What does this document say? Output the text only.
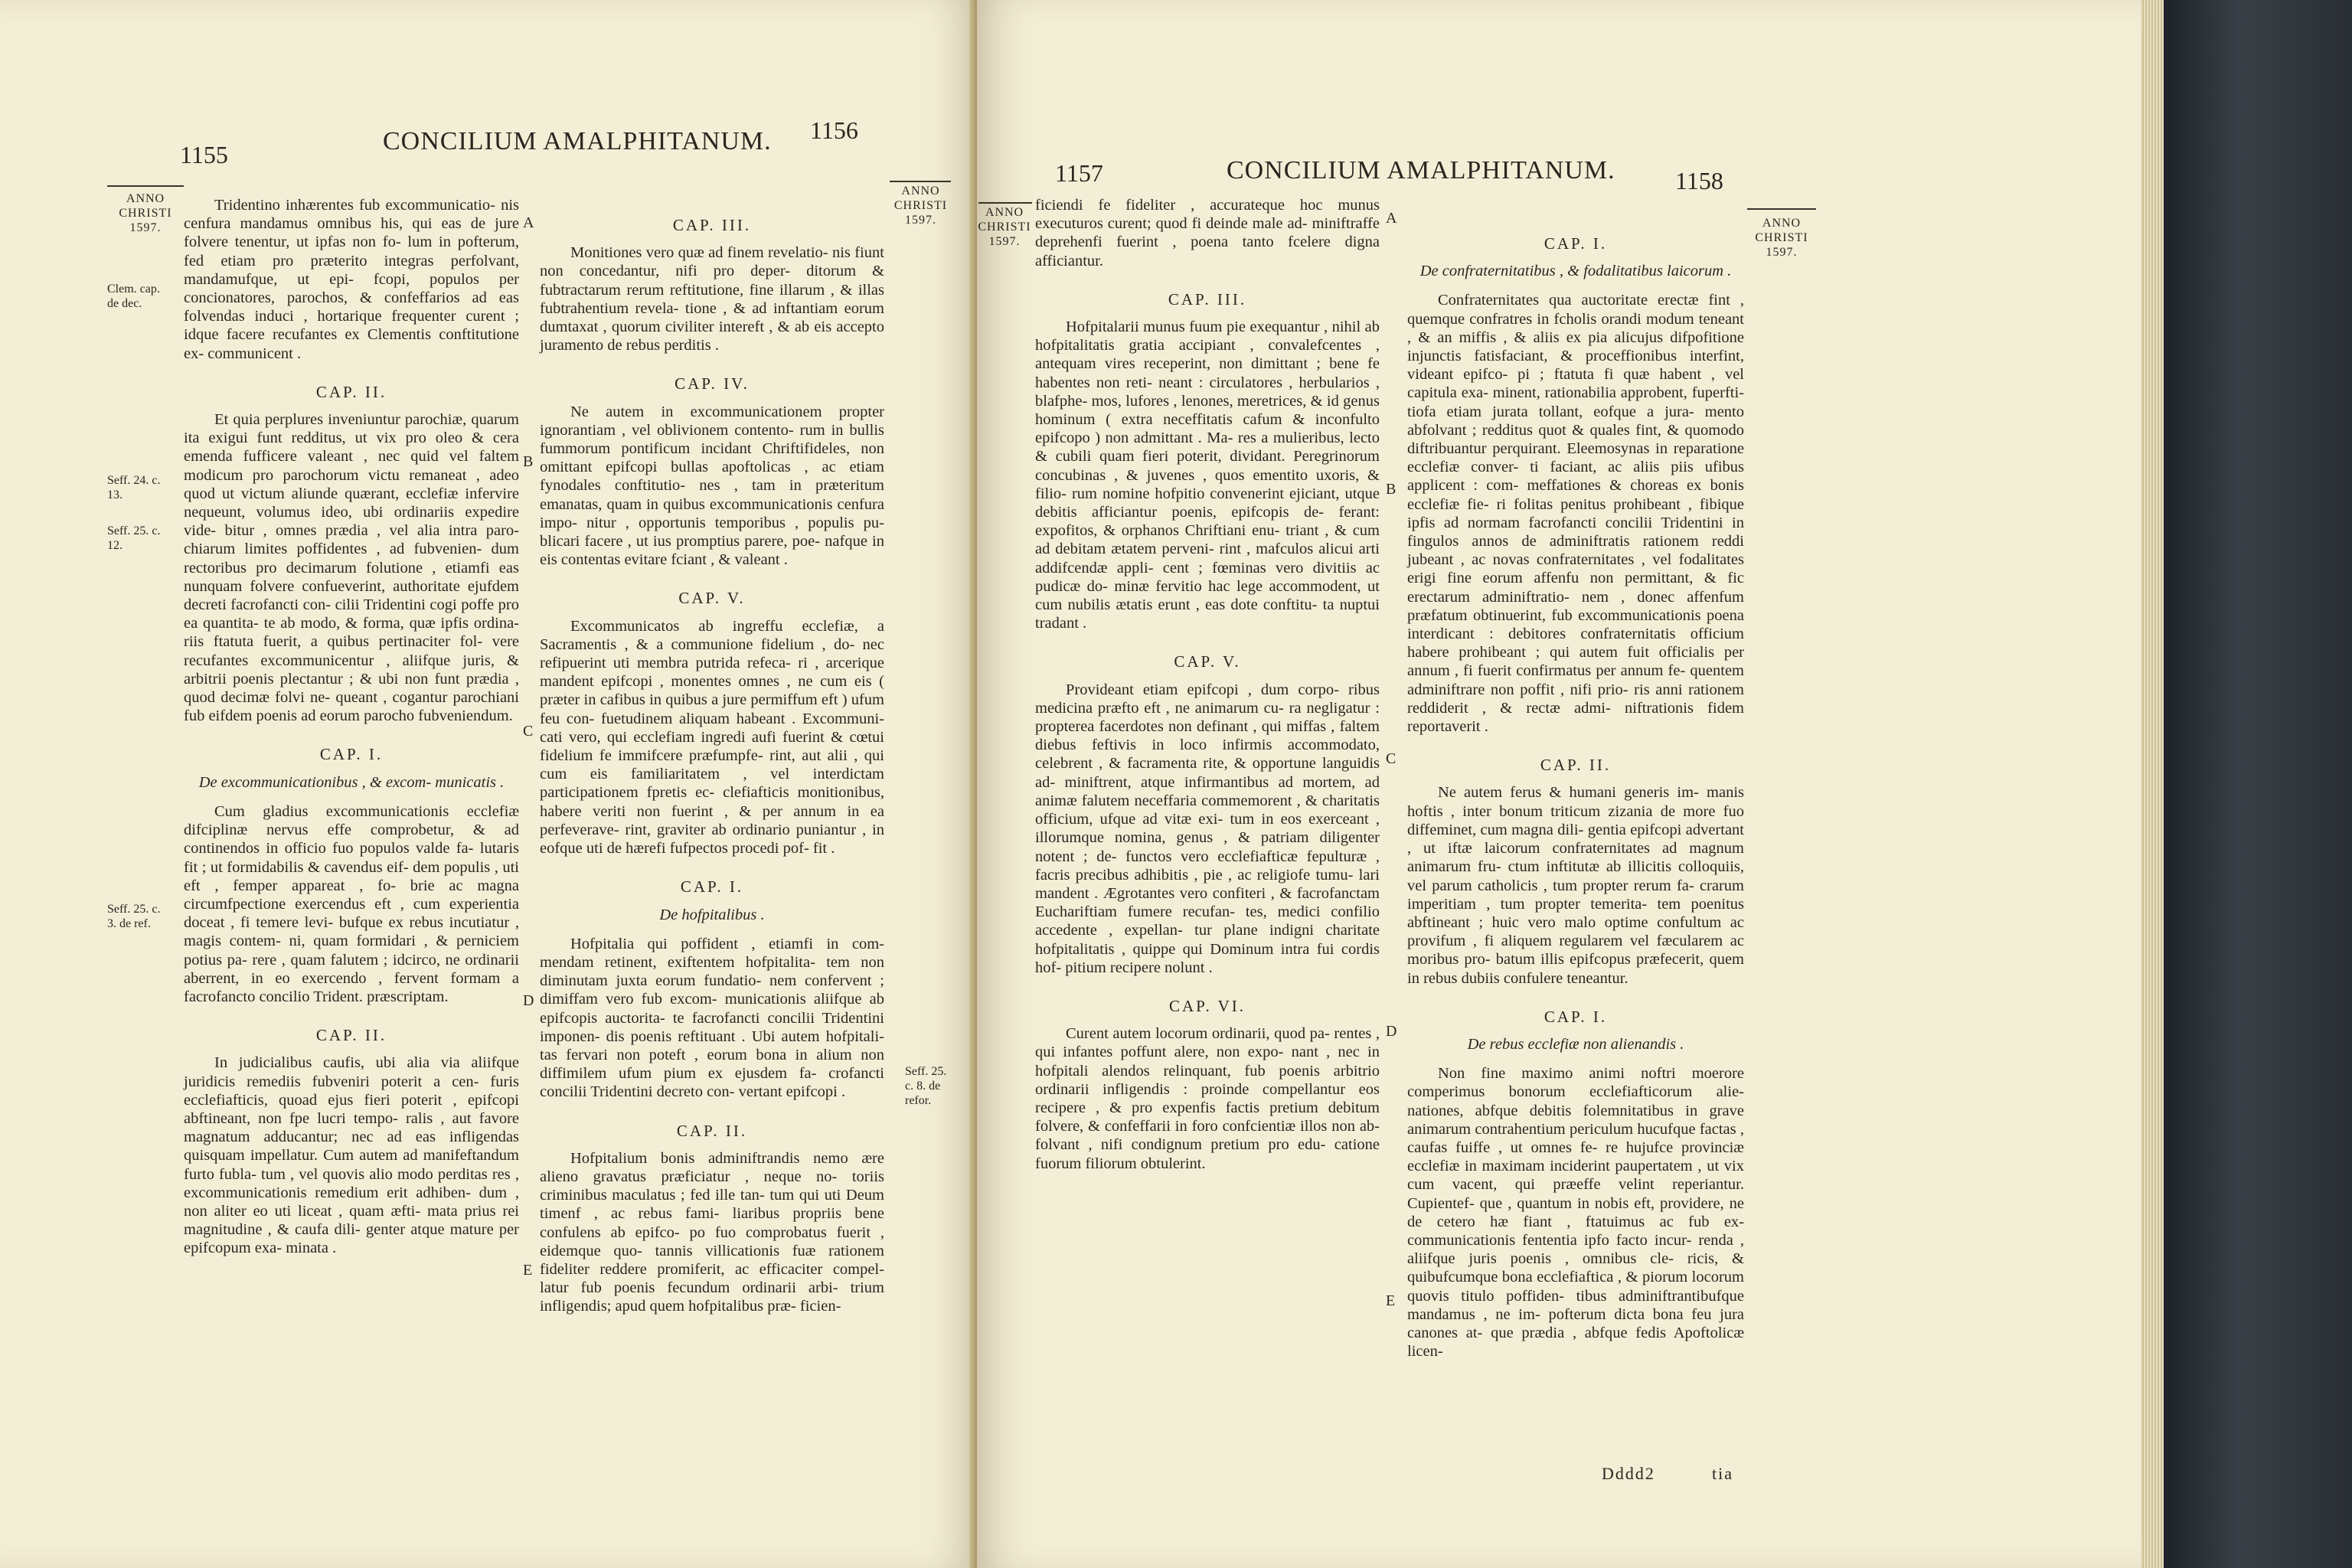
1155	CONCILIUM AMALPHITANUM. 1156
ANNO
CHRISTI
1597.
ANNO
CHRISTI
1597.
Clem. cap.
de dec.
Seff. 24. c.
13.
Seff. 25. c.
12.
Seff. 25. c.
3. de ref.
Seff. 25.
c. 8. de
refor.
A
B
C
D
E

Tridentino inhærentes fub excommunicatio- nis cenfura mandamus omnibus his, qui eas de jure folvere tenentur, ut ipfas non fo- lum in pofterum, fed etiam pro præterito integras perfolvant, mandamufque, ut epi- fcopi, populos per concionatores, parochos, & confeffarios ad eas folvendas induci , hortarique frequenter curent ; idque facere recufantes ex Clementis conftitutione ex- communicent .

CAP. II.

Et quia perplures inveniuntur parochiæ, quarum ita exigui funt redditus, ut vix pro oleo & cera emenda fufficere valeant , nec quid vel faltem modicum pro parochorum victu remaneat , adeo quod ut victum aliunde quærant, ecclefiæ infervire nequeunt, volumus ideo, ubi ordinariis expedire vide- bitur , omnes prædia , vel alia intra paro- chiarum limites poffidentes , ad fubvenien- dum rectoribus pro decimarum folutione , etiamfi eas nunquam folvere confueverint, authoritate ejufdem decreti facrofancti con- cilii Tridentini cogi poffe pro ea quantita- te ab modo, & forma, quæ ipfis ordina- riis ftatuta fuerit, a quibus pertinaciter fol- vere recufantes excommunicentur , aliifque juris, & arbitrii poenis plectantur ; & ubi non funt prædia , quod decimæ folvi ne- queant , cogantur parochiani fub eifdem poenis ad eorum parocho fubveniendum.

CAP. I.
De excommunicationibus , & excom- municatis .

Cum gladius excommunicationis ecclefiæ difciplinæ nervus effe comprobetur, & ad continendos in officio fuo populos valde fa- lutaris fit ; ut formidabilis & cavendus eif- dem populis , uti eft , femper appareat , fo- brie ac magna circumfpectione exercendus eft , cum experientia doceat , fi temere levi- bufque ex rebus incutiatur , magis contem- ni, quam formidari , & perniciem potius pa- rere , quam falutem ; idcirco, ne ordinarii aberrent, in eo exercendo , fervent formam a facrofancto concilio Trident. præscriptam.

CAP. II.

In judicialibus caufis, ubi alia via aliifque juridicis remediis fubveniri poterit a cen- furis ecclefiafticis, quoad ejus fieri poterit , epifcopi abftineant, non fpe lucri tempo- ralis , aut favore magnatum adducantur; nec ad eas infligendas quisquam impellatur. Cum autem ad manifeftandum furto fubla- tum , vel quovis alio modo perditas res , excommunicationis remedium erit adhiben- dum , non aliter eo uti liceat , quam æfti- mata prius rei magnitudine , & caufa dili- genter atque mature per epifcopum exa- minata .

CAP. III.

Monitiones vero quæ ad finem revelatio- nis fiunt non concedantur, nifi pro deper- ditorum & fubtractarum rerum reftitutione, fine illarum , & illas fubtrahentium revela- tione , & ad inftantiam eorum dumtaxat , quorum civiliter intereft , & ab eis accepto juramento de rebus perditis .

CAP. IV.

Ne autem in excommunicationem propter ignorantiam , vel oblivionem contento- rum in bullis fummorum pontificum incidant Chriftifideles, non omittant epifcopi bullas apoftolicas , ac etiam fynodales conftitutio- nes , tam in præteritum emanatas, quam in quibus excommunicationis cenfura impo- nitur , opportunis temporibus , populis pu- blicari facere , ut ius promptius parere, poe- nafque in eis contentas evitare fciant , & valeant .

CAP. V.

Excommunicatos ab ingreffu ecclefiæ, a Sacramentis , & a communione fidelium , do- nec refipuerint uti membra putrida refeca- ri , arcerique mandent epifcopi , monentes omnes , ne cum eis ( præter in cafibus in quibus a jure permiffum eft ) ufum feu con- fuetudinem aliquam habeant . Excommuni- cati vero, qui ecclefiam ingredi aufi fuerint & cœtui fidelium fe immifcere præfumpfe- rint, aut alii , qui cum eis familiaritatem , vel interdictam participationem fpretis ec- clefiafticis monitionibus, habere veriti non fuerint , & per annum in ea perfeverave- rint, graviter ab ordinario puniantur , in eofque uti de hærefi fufpectos procedi pof- fit .

CAP. I.
De hofpitalibus .

Hofpitalia qui poffident , etiamfi in com- mendam retinent, exiftentem hofpitalita- tem non diminutam juxta eorum fundatio- nem confervent ; dimiffam vero fub excom- municationis aliifque ab epifcopis auctorita- te facrofancti concilii Tridentini imponen- dis poenis reftituant . Ubi autem hofpitali- tas fervari non poteft , eorum bona in alium non diffimilem ufum pium ex ejusdem fa- crofancti concilii Tridentini decreto con- vertant epifcopi .

CAP. II.

Hofpitalium bonis adminiftrandis nemo ære alieno gravatus præficiatur , neque no- toriis criminibus maculatus ; fed ille tan- tum qui uti Deum timenf , ac rebus fami- liaribus propriis bene confulens ab epifco- po fuo comprobatus fuerit , eidemque quo- tannis villicationis fuæ rationem fideliter reddere promiferit, ac efficaciter compel- latur fub poenis fecundum ordinarii arbi- trium infligendis; apud quem hofpitalibus præ- ficien-

1157	CONCILIUM AMALPHITANUM. 1158
ANNO
CHRISTI
1597.
ANNO
CHRISTI
1597.
A
B
C
D
E

ficiendi fe fideliter , accurateque hoc munus executuros curent; quod fi deinde male ad- miniftraffe deprehenfi fuerint , poena tanto fcelere digna afficiantur.

CAP. III.

Hofpitalarii munus fuum pie exequantur , nihil ab hofpitalitatis gratia accipiant , convalefcentes , antequam vires receperint, non dimittant ; bene fe habentes non reti- neant : circulatores , herbularios , blafphe- mos, lufores , lenones, meretrices, & id genus hominum ( extra neceffitatis cafum & inconfulto epifcopo ) non admittant . Ma- res a mulieribus, lecto & cubili quam fieri poterit, dividant. Peregrinorum concubinas , & juvenes , quos ementito uxoris, & filio- rum nomine hofpitio convenerint ejiciant, utque debitis afficiantur poenis, epifcopis de- ferant: expofitos, & orphanos Chriftiani enu- triant , & cum ad debitam ætatem perveni- rint , mafculos alicui arti addifcendæ appli- cent ; fœminas vero divitiis ac pudicæ do- minæ fervitio hac lege accommodent, ut cum nubilis ætatis erunt , eas dote conftitu- ta nuptui tradant .

CAP. V.

Provideant etiam epifcopi , dum corpo- ribus medicina præfto eft , ne animarum cu- ra negligatur : propterea facerdotes non definant , qui miffas , faltem diebus feftivis in loco infirmis accommodato, celebrent , & facramenta rite, & opportune languidis ad- miniftrent, atque infirmantibus ad mortem, ad animæ falutem neceffaria commemorent , & charitatis officium, ufque ad vitæ exi- tum in eos exerceant , illorumque nomina, genus , & patriam diligenter notent ; de- functos vero ecclefiafticæ fepulturæ , facris precibus adhibitis , pie , ac religiofe tumu- lari mandent . Ægrotantes vero confiteri , & facrofanctam Euchariftiam fumere recufan- tes, medici confilio accedente , expellan- tur plane indigni charitate hofpitalitatis , quippe qui Dominum intra fui cordis hof- pitium recipere nolunt .

CAP. VI.

Curent autem locorum ordinarii, quod pa- rentes , qui infantes poffunt alere, non expo- nant , nec in hofpitali alendos relinquant, fub poenis arbitrio ordinarii infligendis : proinde compellantur eos recipere , & pro expenfis factis pretium debitum folvere, & confeffarii in foro confcientiæ illos non ab- folvant , nifi condignum pretium pro edu- catione fuorum filiorum obtulerint.

CAP. I.
De confraternitatibus , & fodalitatibus laicorum .

Confraternitates qua auctoritate erectæ fint , quemque confratres in fcholis orandi modum teneant , & an miffis , & aliis ex pia alicujus difpofitione injunctis fatisfaciant, & proceffionibus interfint, videant epifco- pi ; ftatuta fi quæ habent , vel capitula exa- minent, rationabilia approbent, fuperfti- tiofa etiam jurata tollant, eofque a jura- mento abfolvant ; redditus quot & quales fint, & quomodo diftribuantur perquirant. Eleemosynas in reparatione ecclefiæ conver- ti faciant, ac aliis piis ufibus applicent : com- meffationes & choreas ex bonis ecclefiæ fie- ri folitas penitus prohibeant , fibique ipfis ad normam facrofancti concilii Tridentini in fingulos annos de adminiftratis rationem reddi jubeant , ac novas confraternitates , vel fodalitates erigi fine eorum affenfu non permittant, & fic erectarum adminiftratio- nem , donec affenfum præfatum obtinuerint, fub excommunicationis poena interdicant : debitores confraternitatis officium habere prohibeant ; qui autem fuit officialis per annum , fi fuerit confirmatus per annum fe- quentem adminiftrare non poffit , nifi prio- ris anni rationem reddiderit , & rectæ admi- niftrationis fidem reportaverit .

CAP. II.

Ne autem ferus & humani generis im- manis hoftis , inter bonum triticum zizania de more fuo diffeminet, cum magna dili- gentia epifcopi advertant , ut iftæ laicorum confraternitates ad magnum animarum fru- ctum inftitutæ ab illicitis colloquiis, vel parum catholicis , tum propter rerum fa- crarum imperitiam , tum propter temerita- tem poenitus abftineant ; huic vero malo optime confultum ac provifum , fi aliquem regularem vel fæcularem ac moribus pro- batum illis epifcopus præfecerit, quem in rebus dubiis confulere teneantur.

CAP. I.
De rebus ecclefiæ non alienandis .

Non fine maximo animi noftri moerore comperimus bonorum ecclefiafticorum alie- nationes, abfque debitis folemnitatibus in grave animarum contrahentium periculum hucufque factas , caufas fuiffe , ut omnes fe- re hujufce provinciæ ecclefiæ in maximam inciderint paupertatem , ut vix cum vacent, qui præeffe velint reperiantur. Cupientef- que , quantum in nobis eft, providere, ne de cetero hæ fiant , ftatuimus ac fub ex- communicationis fententia ipfo facto incur- renda , aliifque juris poenis , omnibus cle- ricis, & quibufcumque bona ecclefiaftica , & piorum locorum quovis titulo poffiden- tibus adminiftrantibufque mandamus , ne im- pofterum dicta bona feu jura canones at- que prædia , abfque fedis Apoftolicæ licen-

Dddd2	tia
